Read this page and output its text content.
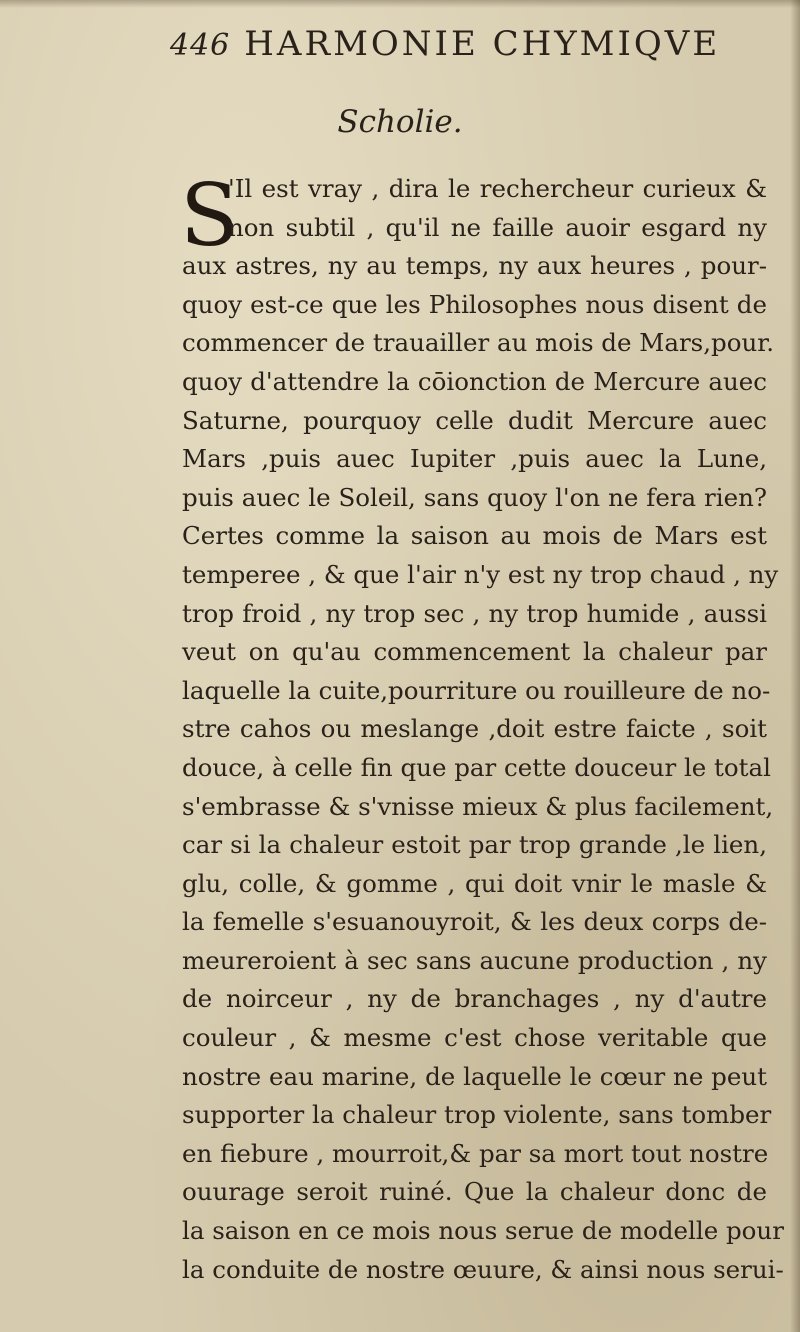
446 HARMONIE CHYMIQVE
Scholie.
S
'Il est vray , dira le rechercheur curieux &
non subtil , qu'il ne faille auoir esgard ny
aux astres, ny au temps, ny aux heures , pour-
quoy est-ce que les Philosophes nous disent de
commencer de trauailler au mois de Mars,pour.
quoy d'attendre la cōionction de Mercure auec
Saturne, pourquoy celle dudit Mercure auec
Mars ,puis auec Iupiter ,puis auec la Lune,
puis auec le Soleil, sans quoy l'on ne fera rien?
Certes comme la saison au mois de Mars est
temperee , & que l'air n'y est ny trop chaud , ny
trop froid , ny trop sec , ny trop humide , aussi
veut on qu'au commencement la chaleur par
laquelle la cuite,pourriture ou rouilleure de no-
stre cahos ou meslange ,doit estre faicte , soit
douce, à celle fin que par cette douceur le total
s'embrasse & s'vnisse mieux & plus facilement,
car si la chaleur estoit par trop grande ,le lien,
glu, colle, & gomme , qui doit vnir le masle &
la femelle s'esuanouyroit, & les deux corps de-
meureroient à sec sans aucune production , ny
de noirceur , ny de branchages , ny d'autre
couleur , & mesme c'est chose veritable que
nostre eau marine, de laquelle le cœur ne peut
supporter la chaleur trop violente, sans tomber
en fiebure , mourroit,& par sa mort tout nostre
ouurage seroit ruiné. Que la chaleur donc de
la saison en ce mois nous serue de modelle pour
la conduite de nostre œuure, & ainsi nous serui-
